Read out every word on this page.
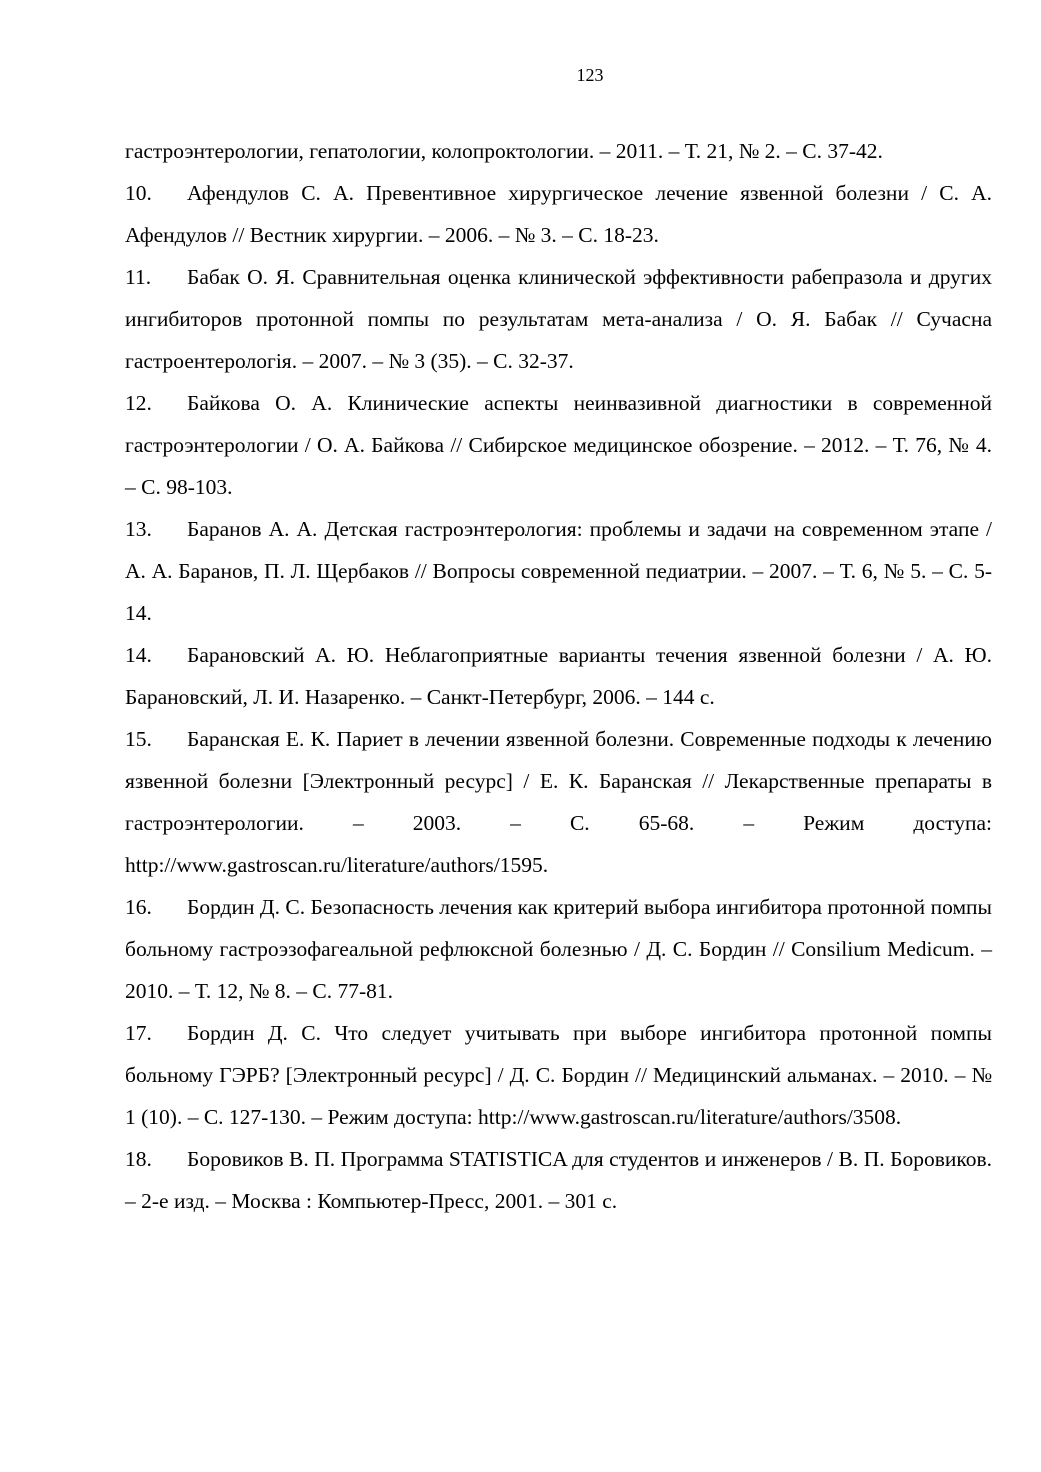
123

гастроэнтерологии, гепатологии, колопроктологии. – 2011. – Т. 21, № 2. – С. 37-42.

10. Афендулов С. А. Превентивное хирургическое лечение язвенной болезни / С. А. Афендулов // Вестник хирургии. – 2006. – № 3. – С. 18-23.

11. Бабак О. Я. Сравнительная оценка клинической эффективности рабепразола и других ингибиторов протонной помпы по результатам мета-анализа / О. Я. Бабак // Сучасна гастроентерологія. – 2007. – № 3 (35). – С. 32-37.

12. Байкова О. А. Клинические аспекты неинвазивной диагностики в современной гастроэнтерологии / О. А. Байкова // Сибирское медицинское обозрение. – 2012. – Т. 76, № 4. – С. 98-103.

13. Баранов А. А. Детская гастроэнтерология: проблемы и задачи на современном этапе / А. А. Баранов, П. Л. Щербаков // Вопросы современной педиатрии. – 2007. – Т. 6, № 5. – С. 5-14.

14. Барановский А. Ю. Неблагоприятные варианты течения язвенной болезни / А. Ю. Барановский, Л. И. Назаренко. – Санкт-Петербург, 2006. – 144 с.

15. Баранская Е. К. Париет в лечении язвенной болезни. Современные подходы к лечению язвенной болезни [Электронный ресурс] / Е. К. Баранская // Лекарственные препараты в гастроэнтерологии. – 2003. – С. 65-68. – Режим доступа: http://www.gastroscan.ru/literature/authors/1595.

16. Бордин Д. С. Безопасность лечения как критерий выбора ингибитора протонной помпы больному гастроэзофагеальной рефлюксной болезнью / Д. С. Бордин // Consilium Medicum. – 2010. – Т. 12, № 8. – С. 77-81.

17. Бордин Д. С. Что следует учитывать при выборе ингибитора протонной помпы больному ГЭРБ? [Электронный ресурс] / Д. С. Бордин // Медицинский альманах. – 2010. – № 1 (10). – С. 127-130. – Режим доступа: http://www.gastroscan.ru/literature/authors/3508.

18. Боровиков В. П. Программа STATISTICA для студентов и инженеров / В. П. Боровиков. – 2-е изд. – Москва : Компьютер-Пресс, 2001. – 301 с.
